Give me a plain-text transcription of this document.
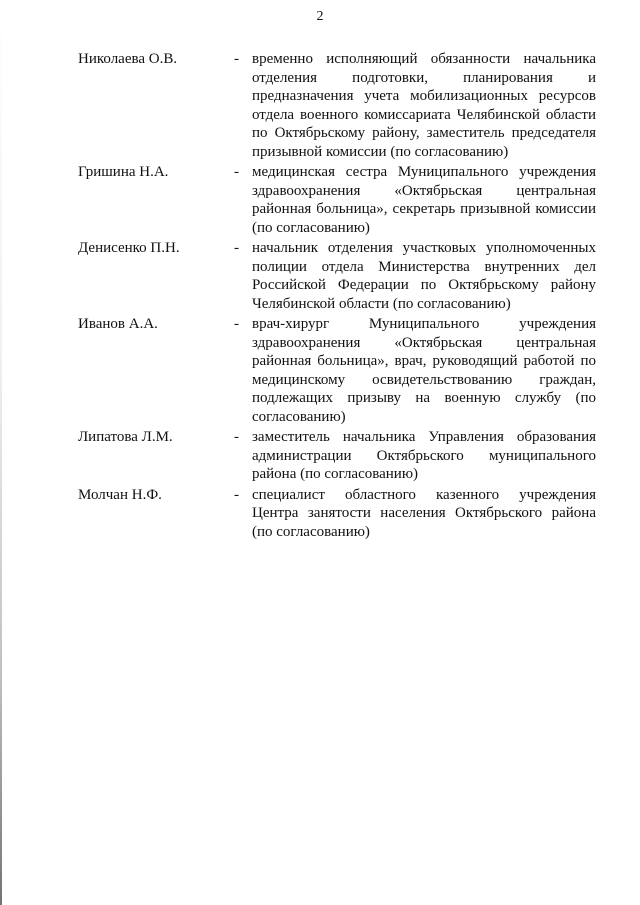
2
Николаева О.В.	- временно исполняющий обязанности начальника отделения подготовки, планирования и предназначения учета мобилизационных ресурсов отдела военного комиссариата Челябинской области по Октябрьскому району, заместитель председателя призывной комиссии (по согласованию)
Гришина Н.А.	- медицинская сестра Муниципального учреждения здравоохранения «Октябрьская центральная районная больница», секретарь призывной комиссии (по согласованию)
Денисенко П.Н.	- начальник отделения участковых уполномоченных полиции отдела Министерства внутренних дел Российской Федерации по Октябрьскому району Челябинской области (по согласованию)
Иванов А.А.	- врач-хирург Муниципального учреждения здравоохранения «Октябрьская центральная районная больница», врач, руководящий работой по медицинскому освидетельствованию граждан, подлежащих призыву на военную службу (по согласованию)
Липатова Л.М.	- заместитель начальника Управления образования администрации Октябрьского муниципального района (по согласованию)
Молчан Н.Ф.	- специалист областного казенного учреждения Центра занятости населения Октябрьского района (по согласованию)
